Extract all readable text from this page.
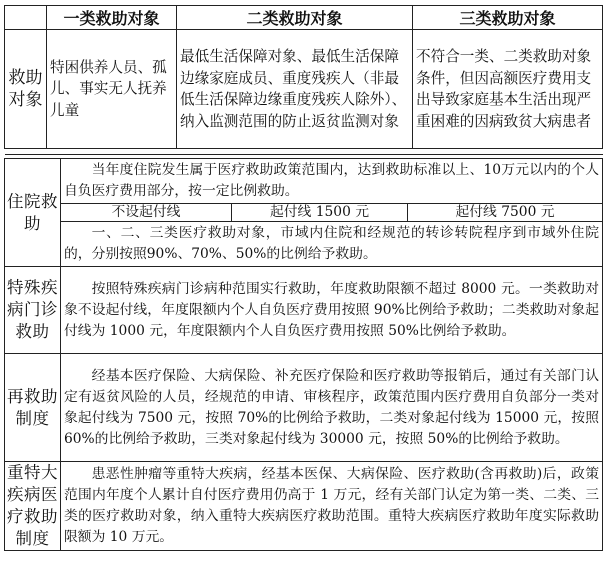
	一类救助对象	二类救助对象	三类救助对象
救助对象	特困供养人员、孤儿、事实无人抚养儿童	最低生活保障对象、最低生活保障边缘家庭成员、重度残疾人（非最低生活保障边缘重度残疾人除外）、纳入监测范围的防止返贫监测对象	不符合一类、二类救助对象条件，但因高额医疗费用支出导致家庭基本生活出现严重困难的因病致贫大病患者

住院救助	当年度住院发生属于医疗救助政策范围内，达到救助标准以上、10万元以内的个人自负医疗费用部分，按一定比例救助。		
	不设起付线	起付线 1500 元	起付线 7500 元
	一、二、三类医疗救助对象，市域内住院和经规范的转诊转院程序到市域外住院的，分别按照90%、70%、50%的比例给予救助。		
特殊疾病门诊救助	按照特殊疾病门诊病种范围实行救助，年度救助限额不超过 8000 元。一类救助对象不设起付线，年度限额内个人自负医疗费用按照 90%比例给予救助；二类救助对象起付线为 1000 元，年度限额内个人自负医疗费用按照 50%比例给予救助。		
再救助制度	经基本医疗保险、大病保险、补充医疗保险和医疗救助等报销后，通过有关部门认定有返贫风险的人员，经规范的申请、审核程序，政策范围内医疗费用自负部分一类对象起付线为 7500 元，按照 70%的比例给予救助，二类对象起付线为 15000 元，按照 60%的比例给予救助，三类对象起付线为 30000 元，按照 50%的比例给予救助。		
重特大疾病医疗救助制度	患恶性肿瘤等重特大疾病，经基本医保、大病保险、医疗救助(含再救助)后，政策范围内年度个人累计自付医疗费用仍高于 1 万元，经有关部门认定为第一类、二类、三类的医疗救助对象，纳入重特大疾病医疗救助范围。重特大疾病医疗救助年度实际救助限额为 10 万元。		
